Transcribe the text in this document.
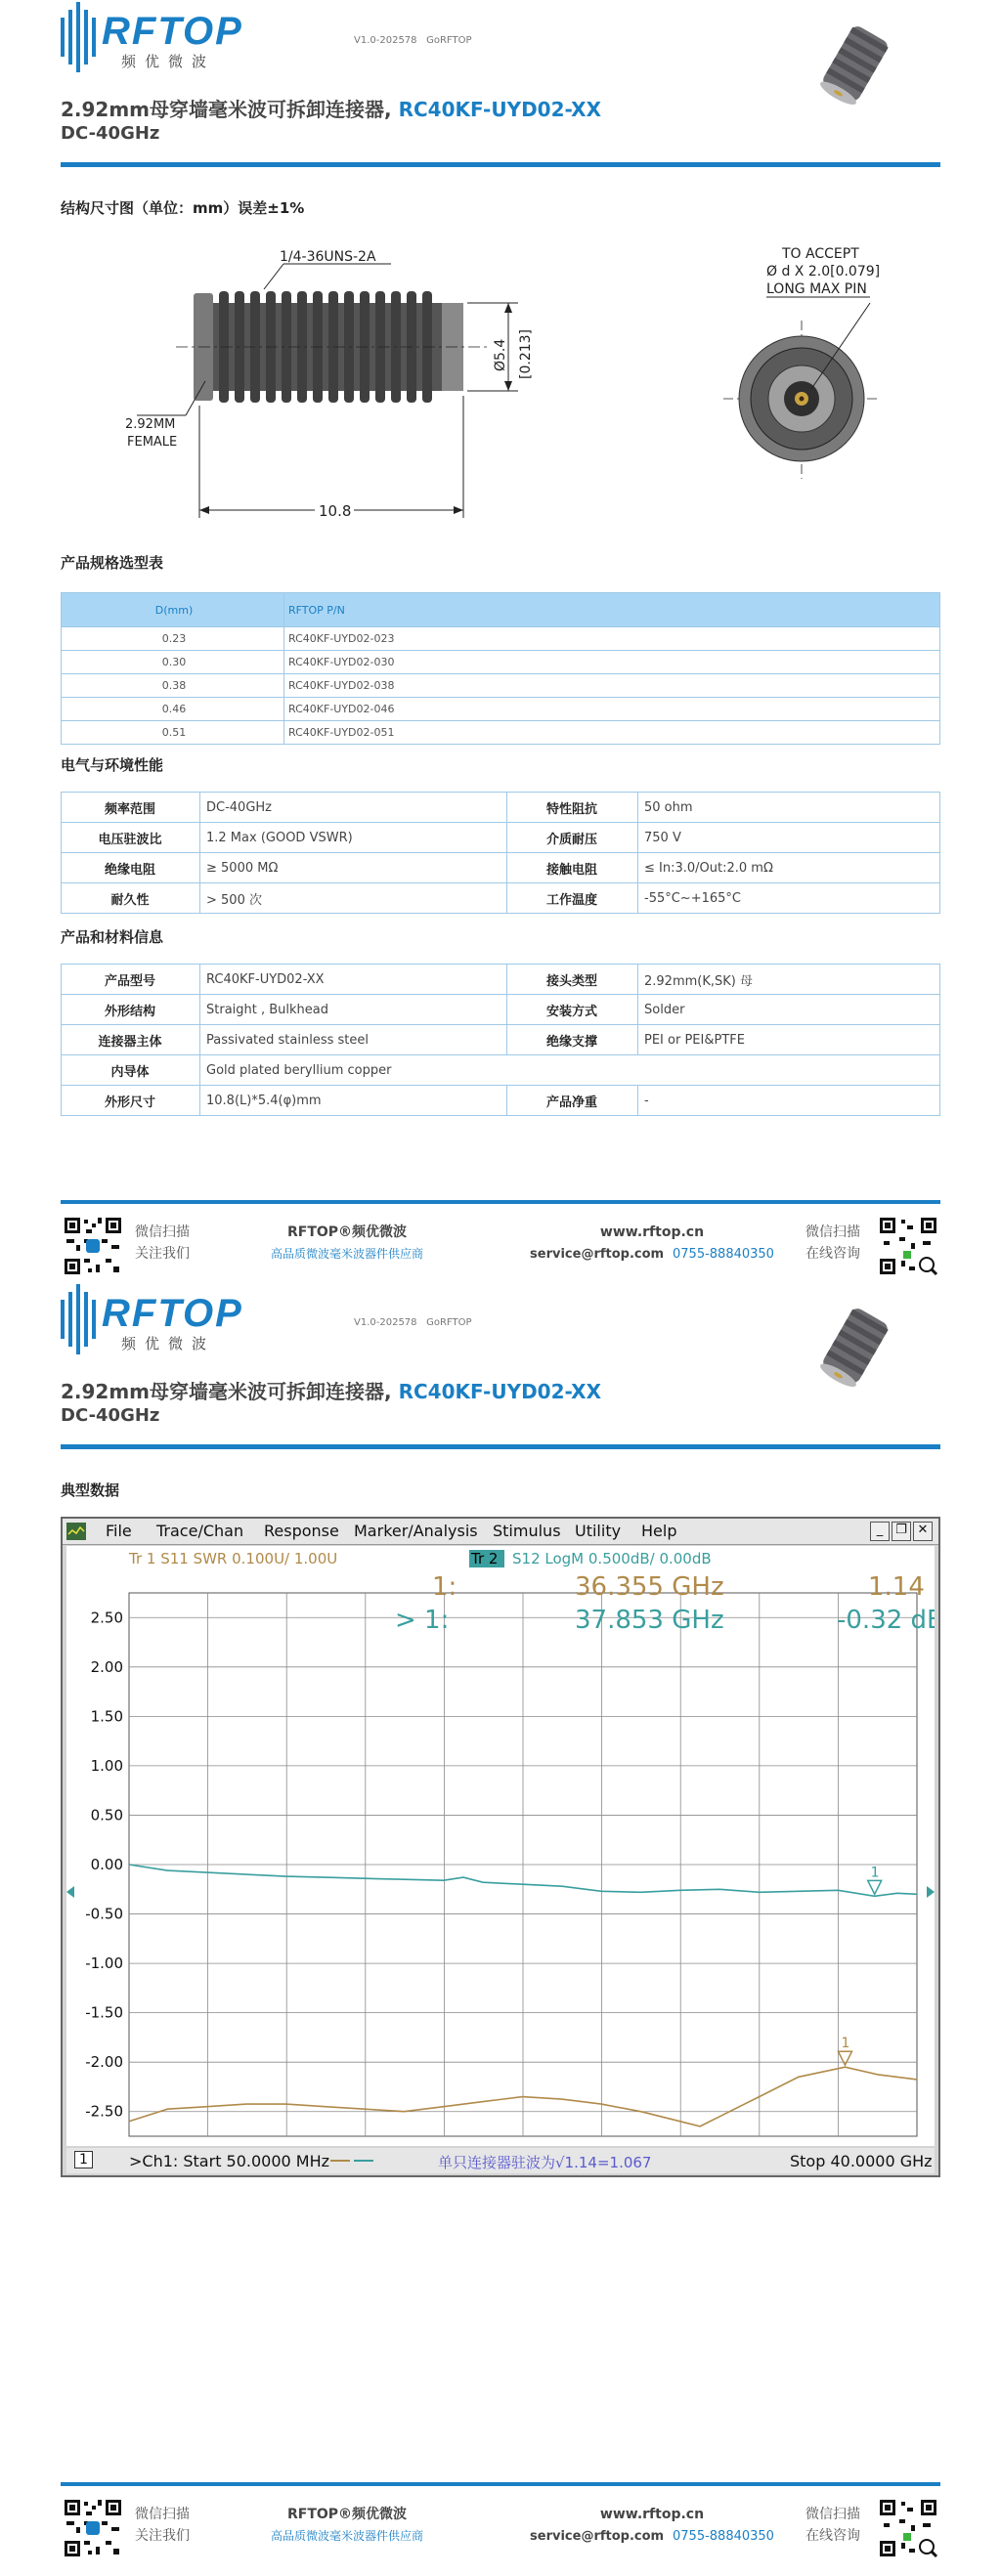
RFTOP
频优微波
V1.0-202578 GoRFTOP
2.92mm母穿墙毫米波可拆卸连接器, RC40KF-UYD02-XX
DC-40GHz
结构尺寸图（单位：mm）误差±1%
1/4-36UNS-2A
2.92MM
FEMALE
10.8
Ø5.4 [0.213]
TO ACCEPT
Ø d X 2.0[0.079]
LONG MAX PIN
产品规格选型表
D(mm)	RFTOP P/N
0.23	RC40KF-UYD02-023
0.30	RC40KF-UYD02-030
0.38	RC40KF-UYD02-038
0.46	RC40KF-UYD02-046
0.51	RC40KF-UYD02-051
电气与环境性能
频率范围	DC-40GHz	特性阻抗	50 ohm
电压驻波比	1.2 Max (GOOD VSWR)	介质耐压	750 V
绝缘电阻	≥ 5000 MΩ	接触电阻	≤ In:3.0/Out:2.0 mΩ
耐久性	> 500 次	工作温度	-55°C~+165°C
产品和材料信息
产品型号	RC40KF-UYD02-XX	接头类型	2.92mm(K,SK) 母
外形结构	Straight , Bulkhead	安装方式	Solder
连接器主体	Passivated stainless steel	绝缘支撑	PEI or PEI&PTFE
内导体	Gold plated beryllium copper		
外形尺寸	10.8(L)*5.4(φ)mm	产品净重	-
微信扫描
关注我们
RFTOP®频优微波
高品质微波毫米波器件供应商
www.rftop.cn
service@rftop.com 0755-88840350
微信扫描
在线咨询
RFTOP
频优微波
V1.0-202578 GoRFTOP
2.92mm母穿墙毫米波可拆卸连接器, RC40KF-UYD02-XX
DC-40GHz
典型数据
微信扫描
关注我们
RFTOP®频优微波
高品质微波毫米波器件供应商
www.rftop.cn
service@rftop.com 0755-88840350
微信扫描
在线咨询
File Trace/Chan Response Marker/Analysis Stimulus Utility Help	_ ❐ ✕
2.50
2.00
1.50
1.00
0.50
0.00
-0.50
-1.00
-1.50
-2.00
-2.50
Tr 1 S11 SWR 0.100U/ 1.00U	Tr 2 S12 LogM 0.500dB/ 0.00dB
1:	36.355 GHz	1.14
> 1:	37.853 GHz	-0.32 dB
1
1
1	>Ch1: Start 50.0000 MHz	单只连接器驻波为√1.14=1.067	Stop 40.0000 GHz
